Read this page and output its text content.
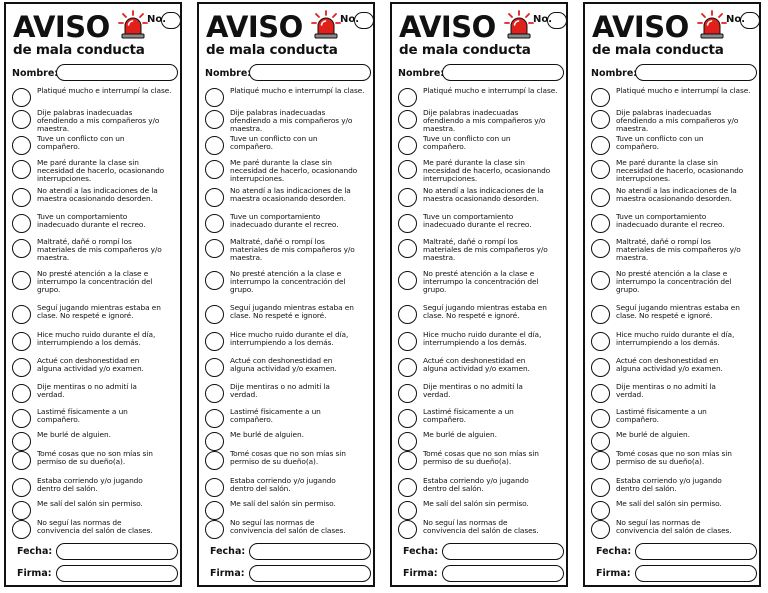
AVISO	No.
de mala conducta
Nombre:
Platiqué mucho e interrumpí la clase.
Dije palabras inadecuadas
ofendiendo a mis compañeros y/o
maestra.
Tuve un conflicto con un
compañero.
Me paré durante la clase sin
necesidad de hacerlo, ocasionando
interrupciones.
No atendí a las indicaciones de la
maestra ocasionando desorden.
Tuve un comportamiento
inadecuado durante el recreo.
Maltraté, dañé o rompí los
materiales de mis compañeros y/o
maestra.
No presté atención a la clase e
interrumpo la concentración del
grupo.
Seguí jugando mientras estaba en
clase. No respeté e ignoré.
Hice mucho ruido durante el día,
interrumpiendo a los demás.
Actué con deshonestidad en
alguna actividad y/o examen.
Dije mentiras o no admití la
verdad.
Lastimé físicamente a un
compañero.
Me burlé de alguien.
Tomé cosas que no son mías sin
permiso de su dueño(a).
Estaba corriendo y/o jugando
dentro del salón.
Me salí del salón sin permiso.
No seguí las normas de
convivencia del salón de clases.
Fecha:
Firma:
AVISO	No.
de mala conducta
Nombre:
Platiqué mucho e interrumpí la clase.
Dije palabras inadecuadas
ofendiendo a mis compañeros y/o
maestra.
Tuve un conflicto con un
compañero.
Me paré durante la clase sin
necesidad de hacerlo, ocasionando
interrupciones.
No atendí a las indicaciones de la
maestra ocasionando desorden.
Tuve un comportamiento
inadecuado durante el recreo.
Maltraté, dañé o rompí los
materiales de mis compañeros y/o
maestra.
No presté atención a la clase e
interrumpo la concentración del
grupo.
Seguí jugando mientras estaba en
clase. No respeté e ignoré.
Hice mucho ruido durante el día,
interrumpiendo a los demás.
Actué con deshonestidad en
alguna actividad y/o examen.
Dije mentiras o no admití la
verdad.
Lastimé físicamente a un
compañero.
Me burlé de alguien.
Tomé cosas que no son mías sin
permiso de su dueño(a).
Estaba corriendo y/o jugando
dentro del salón.
Me salí del salón sin permiso.
No seguí las normas de
convivencia del salón de clases.
Fecha:
Firma:
AVISO	No.
de mala conducta
Nombre:
Platiqué mucho e interrumpí la clase.
Dije palabras inadecuadas
ofendiendo a mis compañeros y/o
maestra.
Tuve un conflicto con un
compañero.
Me paré durante la clase sin
necesidad de hacerlo, ocasionando
interrupciones.
No atendí a las indicaciones de la
maestra ocasionando desorden.
Tuve un comportamiento
inadecuado durante el recreo.
Maltraté, dañé o rompí los
materiales de mis compañeros y/o
maestra.
No presté atención a la clase e
interrumpo la concentración del
grupo.
Seguí jugando mientras estaba en
clase. No respeté e ignoré.
Hice mucho ruido durante el día,
interrumpiendo a los demás.
Actué con deshonestidad en
alguna actividad y/o examen.
Dije mentiras o no admití la
verdad.
Lastimé físicamente a un
compañero.
Me burlé de alguien.
Tomé cosas que no son mías sin
permiso de su dueño(a).
Estaba corriendo y/o jugando
dentro del salón.
Me salí del salón sin permiso.
No seguí las normas de
convivencia del salón de clases.
Fecha:
Firma:
AVISO	No.
de mala conducta
Nombre:
Platiqué mucho e interrumpí la clase.
Dije palabras inadecuadas
ofendiendo a mis compañeros y/o
maestra.
Tuve un conflicto con un
compañero.
Me paré durante la clase sin
necesidad de hacerlo, ocasionando
interrupciones.
No atendí a las indicaciones de la
maestra ocasionando desorden.
Tuve un comportamiento
inadecuado durante el recreo.
Maltraté, dañé o rompí los
materiales de mis compañeros y/o
maestra.
No presté atención a la clase e
interrumpo la concentración del
grupo.
Seguí jugando mientras estaba en
clase. No respeté e ignoré.
Hice mucho ruido durante el día,
interrumpiendo a los demás.
Actué con deshonestidad en
alguna actividad y/o examen.
Dije mentiras o no admití la
verdad.
Lastimé físicamente a un
compañero.
Me burlé de alguien.
Tomé cosas que no son mías sin
permiso de su dueño(a).
Estaba corriendo y/o jugando
dentro del salón.
Me salí del salón sin permiso.
No seguí las normas de
convivencia del salón de clases.
Fecha:
Firma:
